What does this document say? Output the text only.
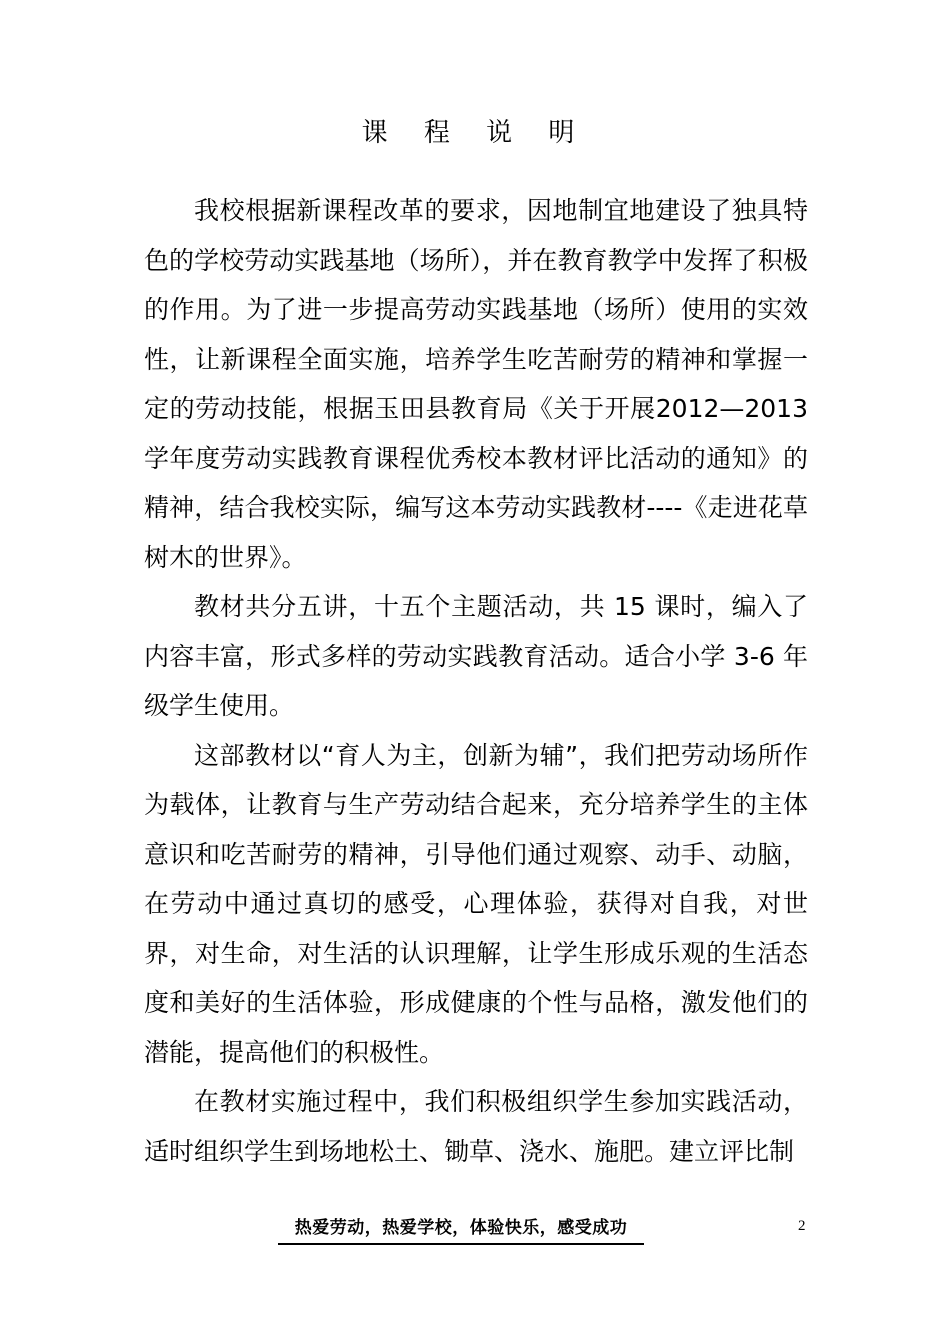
课 程 说 明

我校根据新课程改革的要求，因地制宜地建设了独具特色的学校劳动实践基地（场所），并在教育教学中发挥了积极的作用。为了进一步提高劳动实践基地（场所）使用的实效性，让新课程全面实施，培养学生吃苦耐劳的精神和掌握一定的劳动技能，根据玉田县教育局《关于开展2012—2013学年度劳动实践教育课程优秀校本教材评比活动的通知》的精神，结合我校实际，编写这本劳动实践教材----《走进花草树木的世界》。

教材共分五讲，十五个主题活动，共 15 课时，编入了内容丰富，形式多样的劳动实践教育活动。适合小学 3-6 年级学生使用。

这部教材以“育人为主，创新为辅”，我们把劳动场所作为载体，让教育与生产劳动结合起来，充分培养学生的主体意识和吃苦耐劳的精神，引导他们通过观察、动手、动脑，在劳动中通过真切的感受，心理体验，获得对自我，对世界，对生命，对生活的认识理解，让学生形成乐观的生活态度和美好的生活体验，形成健康的个性与品格，激发他们的潜能，提高他们的积极性。

在教材实施过程中，我们积极组织学生参加实践活动，适时组织学生到场地松土、锄草、浇水、施肥。建立评比制

热爱劳动，热爱学校，体验快乐，感受成功	2
